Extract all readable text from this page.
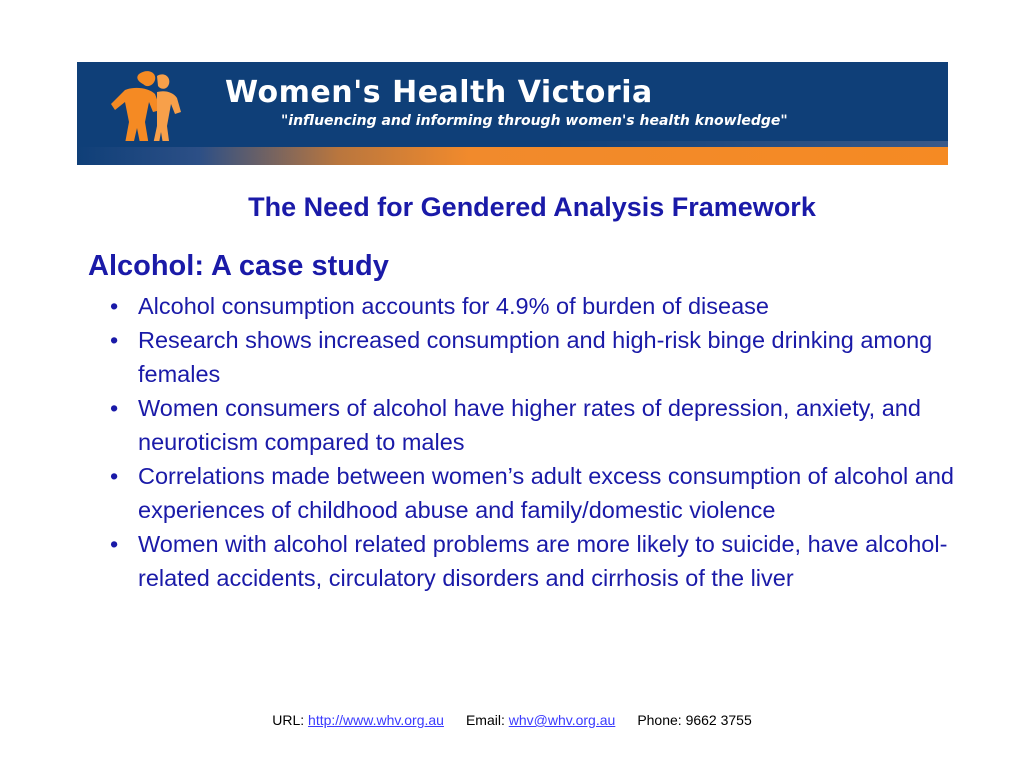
Women's Health Victoria

"influencing and informing through women's health knowledge"

The Need for Gendered Analysis Framework
Alcohol: A case study
• Alcohol consumption accounts for 4.9% of burden of disease
• Research shows increased consumption and high-risk binge drinking among females
• Women consumers of alcohol have higher rates of depression, anxiety, and neuroticism compared to males
• Correlations made between women’s adult excess consumption of alcohol and experiences of childhood abuse and family/domestic violence
• Women with alcohol related problems are more likely to suicide, have alcohol-related accidents, circulatory disorders and cirrhosis of the liver

URL: http://www.whv.org.au Email: whv@whv.org.au Phone: 9662 3755
